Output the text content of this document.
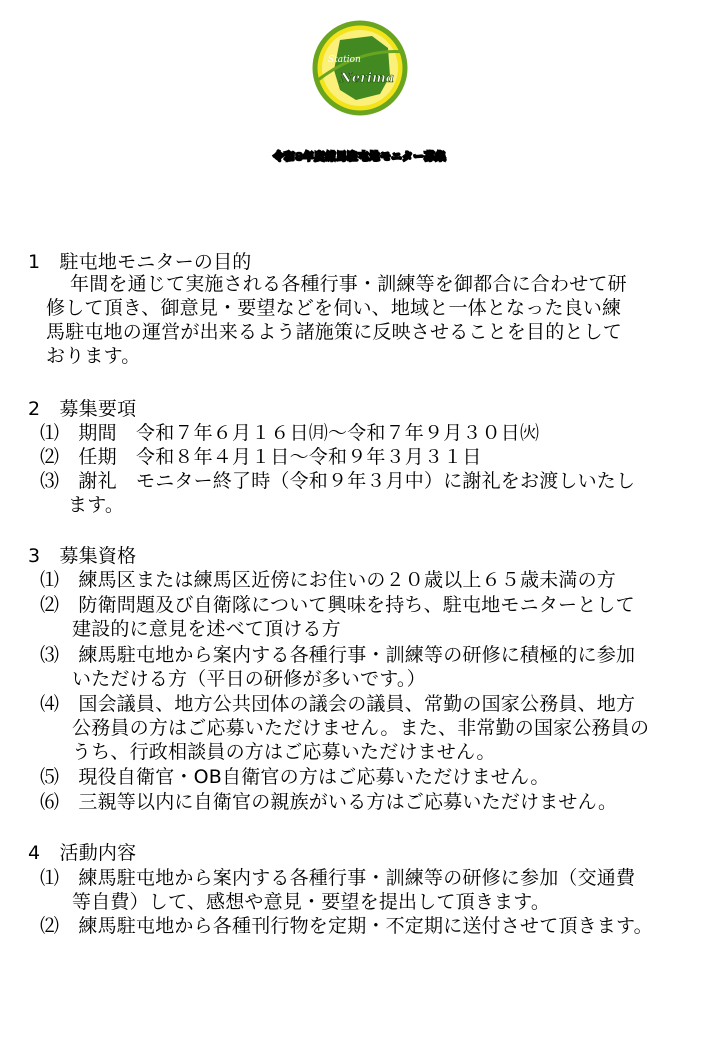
Station
Nerima
令和8年度練馬駐屯地モニター募集
1　駐屯地モニターの目的
年間を通じて実施される各種行事・訓練等を御都合に合わせて研
修して頂き、御意見・要望などを伺い、地域と一体となった良い練
馬駐屯地の運営が出来るよう諸施策に反映させることを目的として
おります。
2　募集要項
⑴　期間　令和７年６月１６日㈪～令和７年９月３０日㈫
⑵　任期　令和８年４月１日～令和９年３月３１日
⑶　謝礼　モニター終了時（令和９年３月中）に謝礼をお渡しいたし
ます。
3　募集資格
⑴　練馬区または練馬区近傍にお住いの２０歳以上６５歳未満の方
⑵　防衛問題及び自衛隊について興味を持ち、駐屯地モニターとして
建設的に意見を述べて頂ける方
⑶　練馬駐屯地から案内する各種行事・訓練等の研修に積極的に参加
いただける方（平日の研修が多いです。）
⑷　国会議員、地方公共団体の議会の議員、常勤の国家公務員、地方
公務員の方はご応募いただけません。また、非常勤の国家公務員の
うち、行政相談員の方はご応募いただけません。
⑸　現役自衛官・OB自衛官の方はご応募いただけません。
⑹　三親等以内に自衛官の親族がいる方はご応募いただけません。
4　活動内容
⑴　練馬駐屯地から案内する各種行事・訓練等の研修に参加（交通費
等自費）して、感想や意見・要望を提出して頂きます。
⑵　練馬駐屯地から各種刊行物を定期・不定期に送付させて頂きます。
